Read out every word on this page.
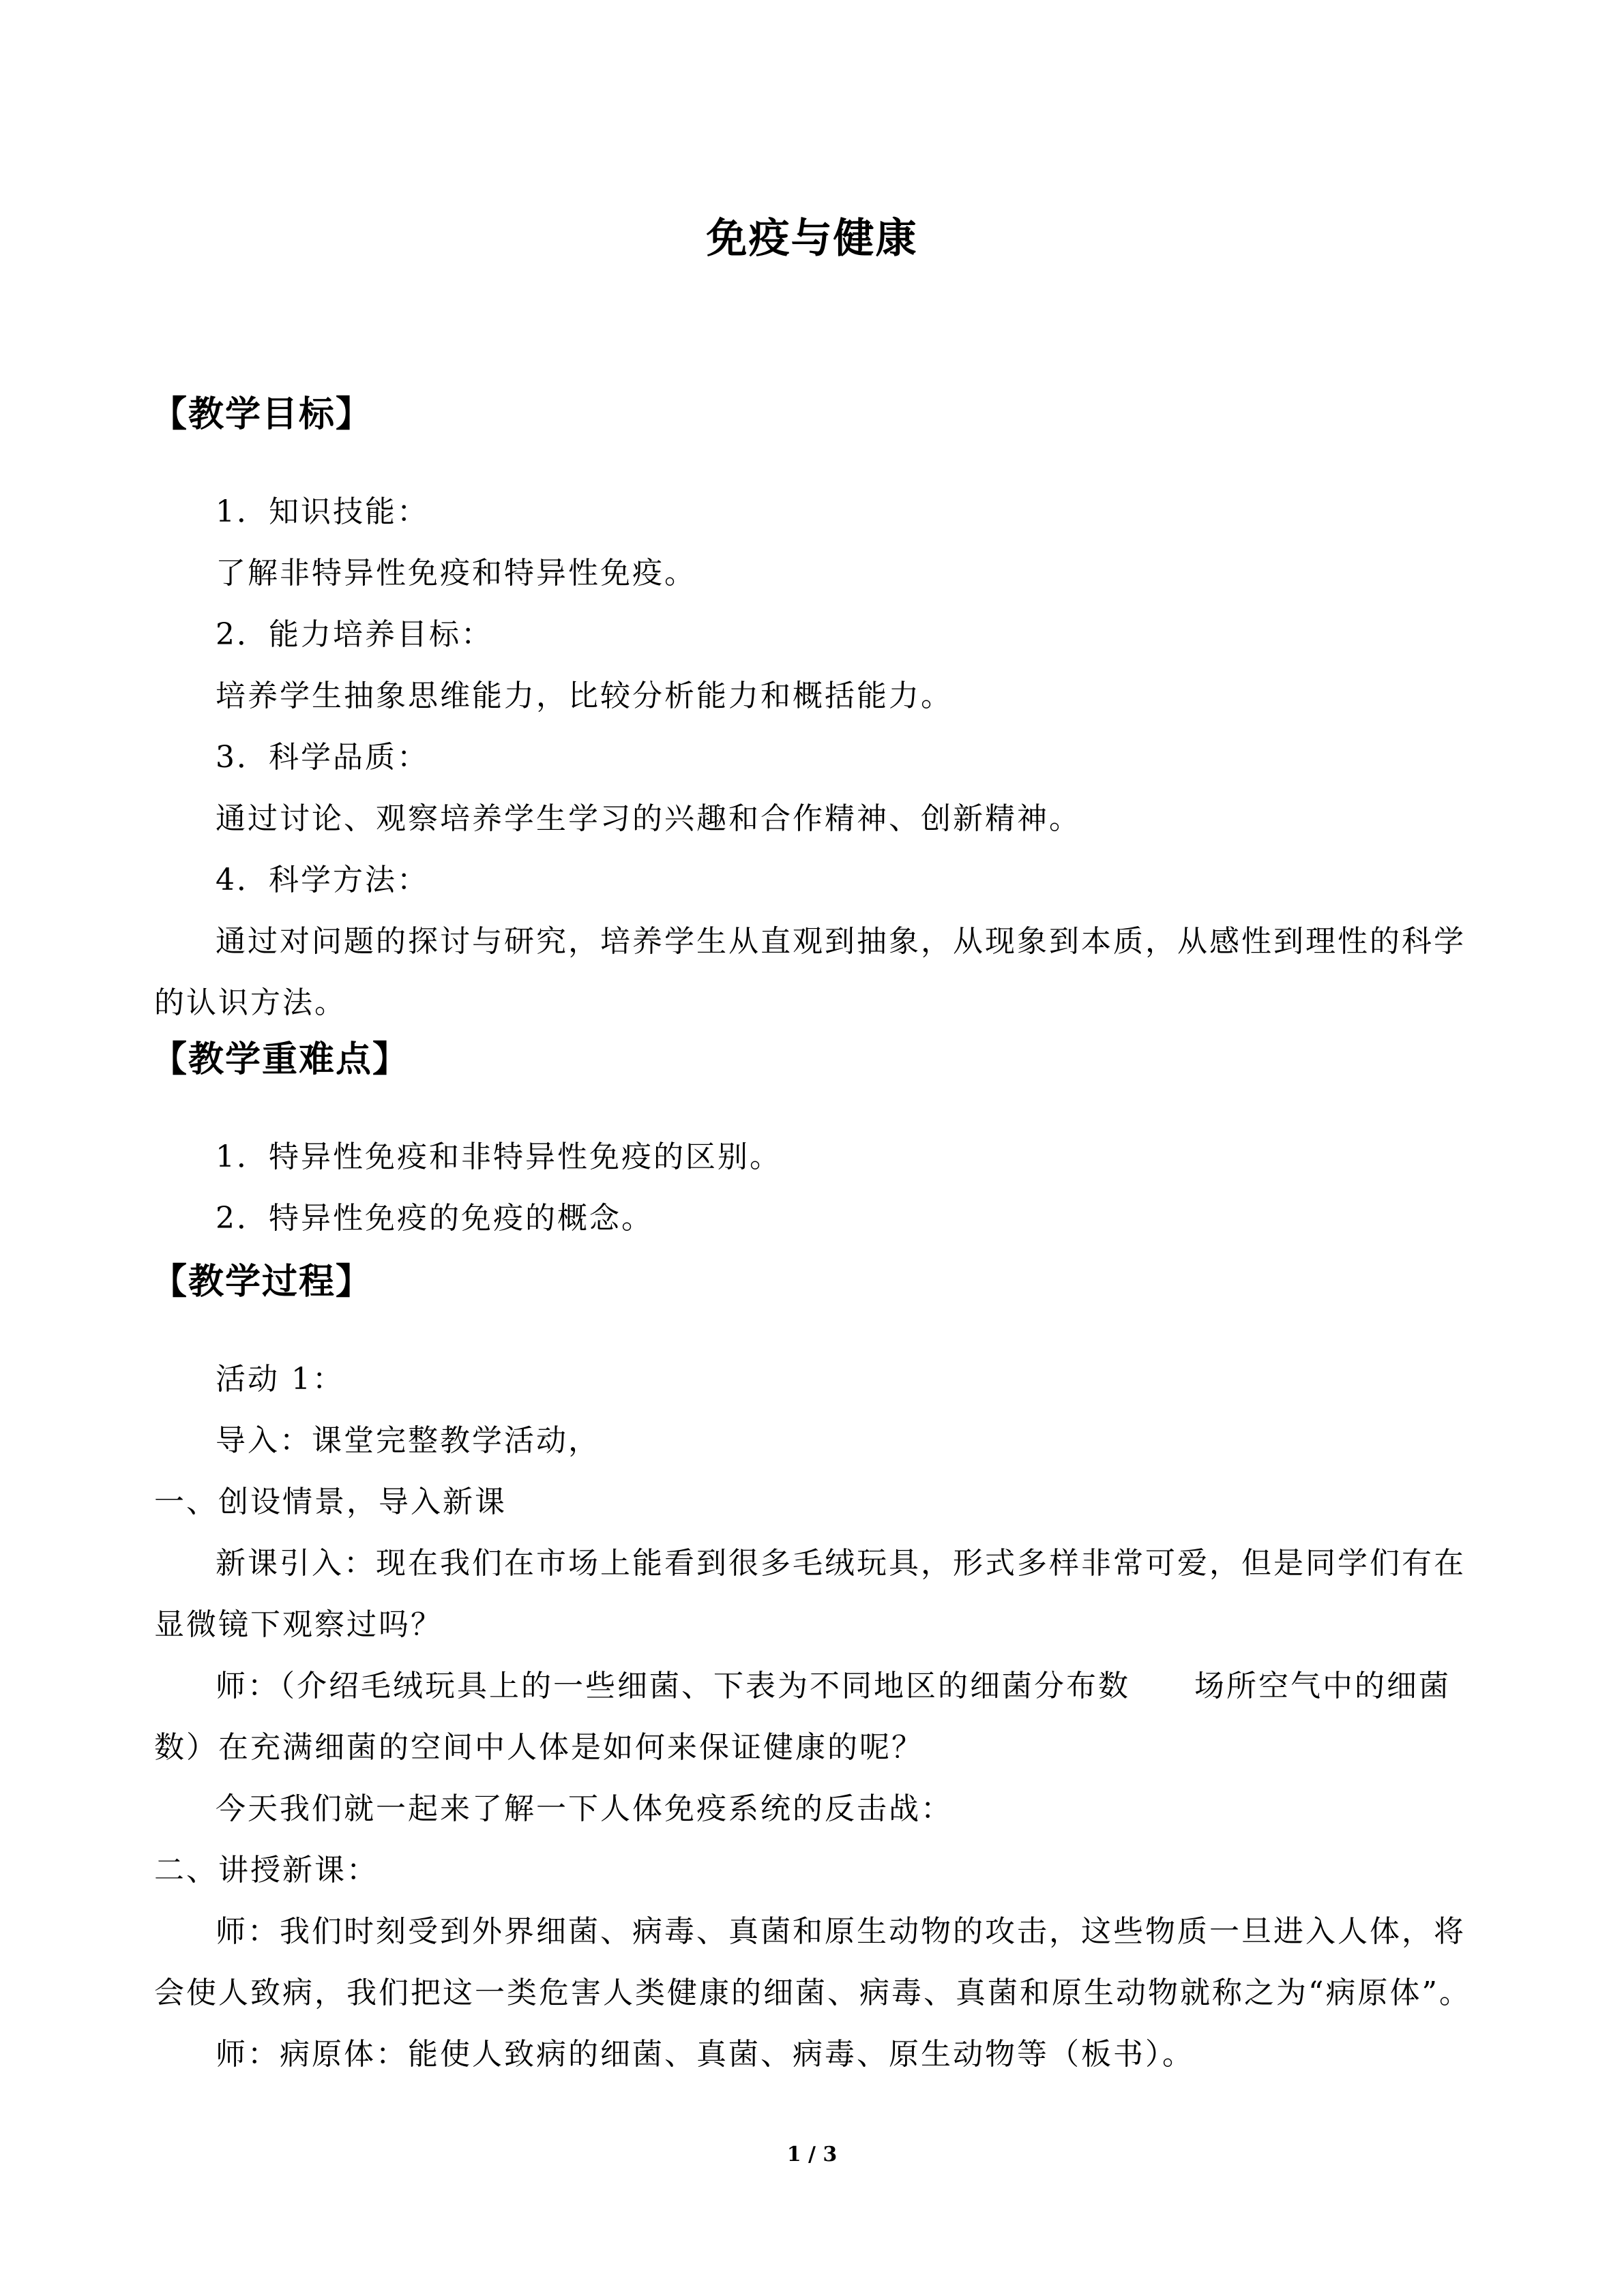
免疫与健康
【教学目标】
1．知识技能：
了解非特异性免疫和特异性免疫。
2．能力培养目标：
培养学生抽象思维能力，比较分析能力和概括能力。
3．科学品质：
通过讨论、观察培养学生学习的兴趣和合作精神、创新精神。
4．科学方法：
通过对问题的探讨与研究，培养学生从直观到抽象，从现象到本质，从感性到理性的科学的认识方法。
【教学重难点】
1．特异性免疫和非特异性免疫的区别。
2．特异性免疫的免疫的概念。
【教学过程】
活动 1：
导入：课堂完整教学活动，
一、创设情景，导入新课
新课引入：现在我们在市场上能看到很多毛绒玩具，形式多样非常可爱，但是同学们有在显微镜下观察过吗？
师：（介绍毛绒玩具上的一些细菌、下表为不同地区的细菌分布数　　场所空气中的细菌数）在充满细菌的空间中人体是如何来保证健康的呢？
今天我们就一起来了解一下人体免疫系统的反击战：
二、讲授新课：
师：我们时刻受到外界细菌、病毒、真菌和原生动物的攻击，这些物质一旦进入人体，将会使人致病，我们把这一类危害人类健康的细菌、病毒、真菌和原生动物就称之为“病原体”。
师：病原体：能使人致病的细菌、真菌、病毒、原生动物等（板书）。
1 / 3
